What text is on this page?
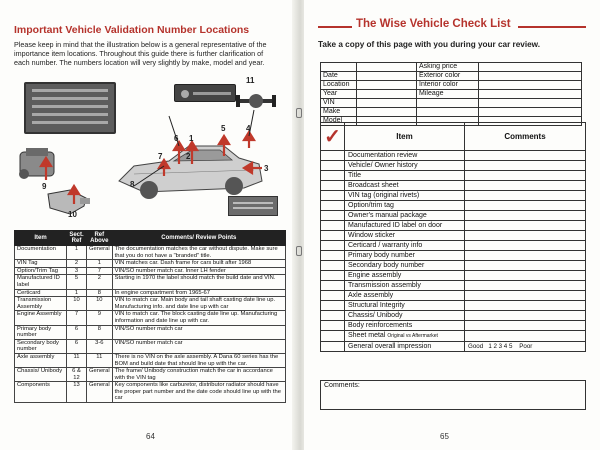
Important Vehicle Validation Number Locations
Please keep in mind that the illustration below is a general representative of the importance item locations. Throughout this guide there is further clarification of each number. The numbers location will very slightly by make, model and year.
9
10
8
7
6 1
2
5	4
3
11
Item	Sect. Ref	Ref Above	Comments/ Review Points
Documentation	1	General	The documentation matches the car without dispute. Make sure that you do not have a "branded" title.
VIN Tag	2	1	VIN matches car. Dash frame for cars built after 1968
Option/Trim Tag	3	7	VIN/SO number match car. Inner LH fender
Manufactured ID label	5	2	Starting in 1970 the label should match the build date and VIN.
Certicard	1	8	In engine compartment from 1965-67
Transmission Assembly	10	10	VIN to match car. Main body and tail shaft casting date line up. Manufacturing info. and date line up with car
Engine Assembly	7	9	VIN to match car. The block casting date line up. Manufacturing information and date line up with car.
Primary body number	6	8	VIN/SO number match car
Secondary body number	6	3-6	VIN/SO number match car
Axle assembly	11	11	There is no VIN on the axle assembly. A Dana 60 series has the BOM and build date that should line up with the car.
Chassis/ Unibody	6 & 12	General	The frame/ Unibody construction match the car in accordance with the VIN tag
Components	13	General	Key components like carburetor, distributor radiator should have the proper part number and the date code should line up with the car
64
The Wise Vehicle Check List
Take a copy of this page with you during your car review.
		Asking price	
Date		Exterior color	
Location		Interior color	
Year		Mileage	
VIN			
Make			
Model			
✓	Item	Comments
	Documentation review	
	Vehicle/ Owner history	
	Title	
	Broadcast sheet	
	VIN tag (original rivets)	
	Option/trim tag	
	Owner's manual package	
	Manufactured ID label on door	
	Window sticker	
	Certicard / warranty info	
	Primary body number	
	Secondary body number	
	Engine assembly	
	Transmission assembly	
	Axle assembly	
	Structural Integrity	
	Chassis/ Unibody	
	Body reinforcements	
	Sheet metal Original vs Aftermarket	
	General overall impression	Good 1 2 3 4 5 Poor
Comments:
65
